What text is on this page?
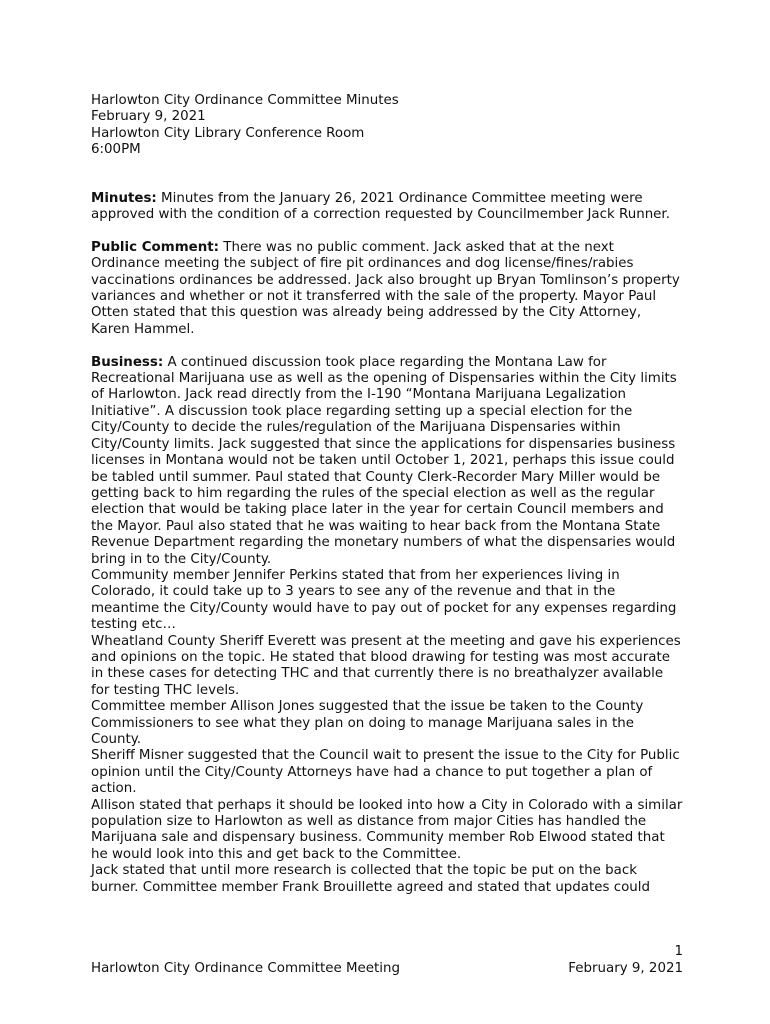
Harlowton City Ordinance Committee Minutes
February 9, 2021
Harlowton City Library Conference Room
6:00PM

Minutes: Minutes from the January 26, 2021 Ordinance Committee meeting were approved with the condition of a correction requested by Councilmember Jack Runner.

Public Comment: There was no public comment. Jack asked that at the next Ordinance meeting the subject of fire pit ordinances and dog license/fines/rabies vaccinations ordinances be addressed. Jack also brought up Bryan Tomlinson’s property variances and whether or not it transferred with the sale of the property. Mayor Paul Otten stated that this question was already being addressed by the City Attorney, Karen Hammel.

Business: A continued discussion took place regarding the Montana Law for Recreational Marijuana use as well as the opening of Dispensaries within the City limits of Harlowton. Jack read directly from the I-190 “Montana Marijuana Legalization Initiative”. A discussion took place regarding setting up a special election for the City/County to decide the rules/regulation of the Marijuana Dispensaries within City/County limits. Jack suggested that since the applications for dispensaries business licenses in Montana would not be taken until October 1, 2021, perhaps this issue could be tabled until summer. Paul stated that County Clerk-Recorder Mary Miller would be getting back to him regarding the rules of the special election as well as the regular election that would be taking place later in the year for certain Council members and the Mayor. Paul also stated that he was waiting to hear back from the Montana State Revenue Department regarding the monetary numbers of what the dispensaries would bring in to the City/County.

Community member Jennifer Perkins stated that from her experiences living in Colorado, it could take up to 3 years to see any of the revenue and that in the meantime the City/County would have to pay out of pocket for any expenses regarding testing etc…

Wheatland County Sheriff Everett was present at the meeting and gave his experiences and opinions on the topic. He stated that blood drawing for testing was most accurate in these cases for detecting THC and that currently there is no breathalyzer available for testing THC levels.

Committee member Allison Jones suggested that the issue be taken to the County Commissioners to see what they plan on doing to manage Marijuana sales in the County.

Sheriff Misner suggested that the Council wait to present the issue to the City for Public opinion until the City/County Attorneys have had a chance to put together a plan of action.

Allison stated that perhaps it should be looked into how a City in Colorado with a similar population size to Harlowton as well as distance from major Cities has handled the Marijuana sale and dispensary business. Community member Rob Elwood stated that he would look into this and get back to the Committee.

Jack stated that until more research is collected that the topic be put on the back burner. Committee member Frank Brouillette agreed and stated that updates could

1
Harlowton City Ordinance Committee Meeting	February 9, 2021
